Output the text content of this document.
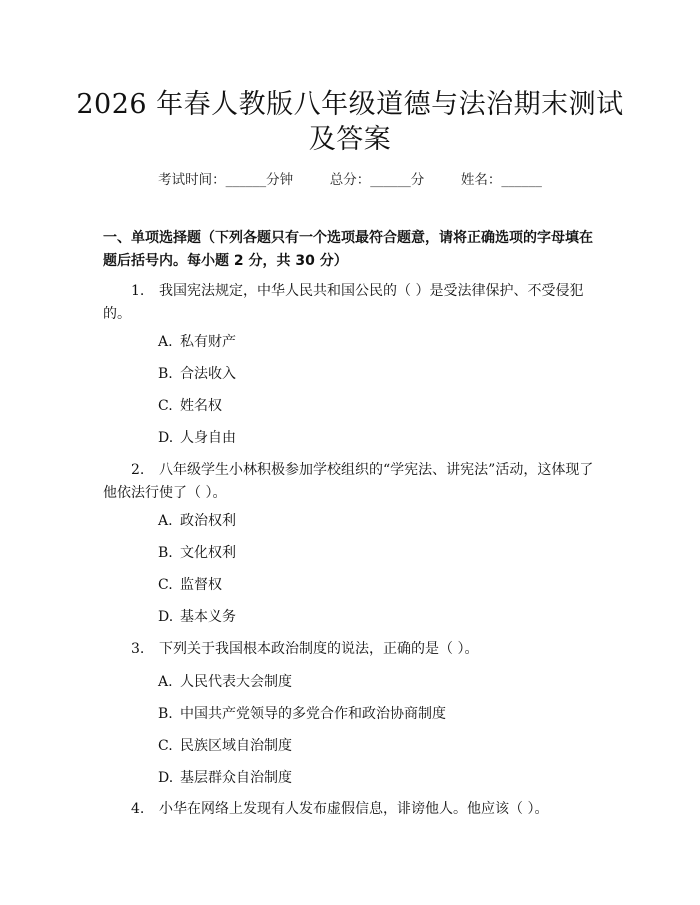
2026 年春人教版八年级道德与法治期末测试
及答案
考试时间：______分钟	总分：______分	姓名：______
一、单项选择题（下列各题只有一个选项最符合题意，请将正确选项的字母填在题后括号内。每小题 2 分，共 30 分）
1. 我国宪法规定，中华人民共和国公民的（ ）是受法律保护、不受侵犯的。
A. 私有财产
B. 合法收入
C. 姓名权
D. 人身自由
2. 八年级学生小林积极参加学校组织的“学宪法、讲宪法”活动，这体现了他依法行使了（ ）。
A. 政治权利
B. 文化权利
C. 监督权
D. 基本义务
3. 下列关于我国根本政治制度的说法，正确的是（ ）。
A. 人民代表大会制度
B. 中国共产党领导的多党合作和政治协商制度
C. 民族区域自治制度
D. 基层群众自治制度
4. 小华在网络上发现有人发布虚假信息，诽谤他人。他应该（ ）。
